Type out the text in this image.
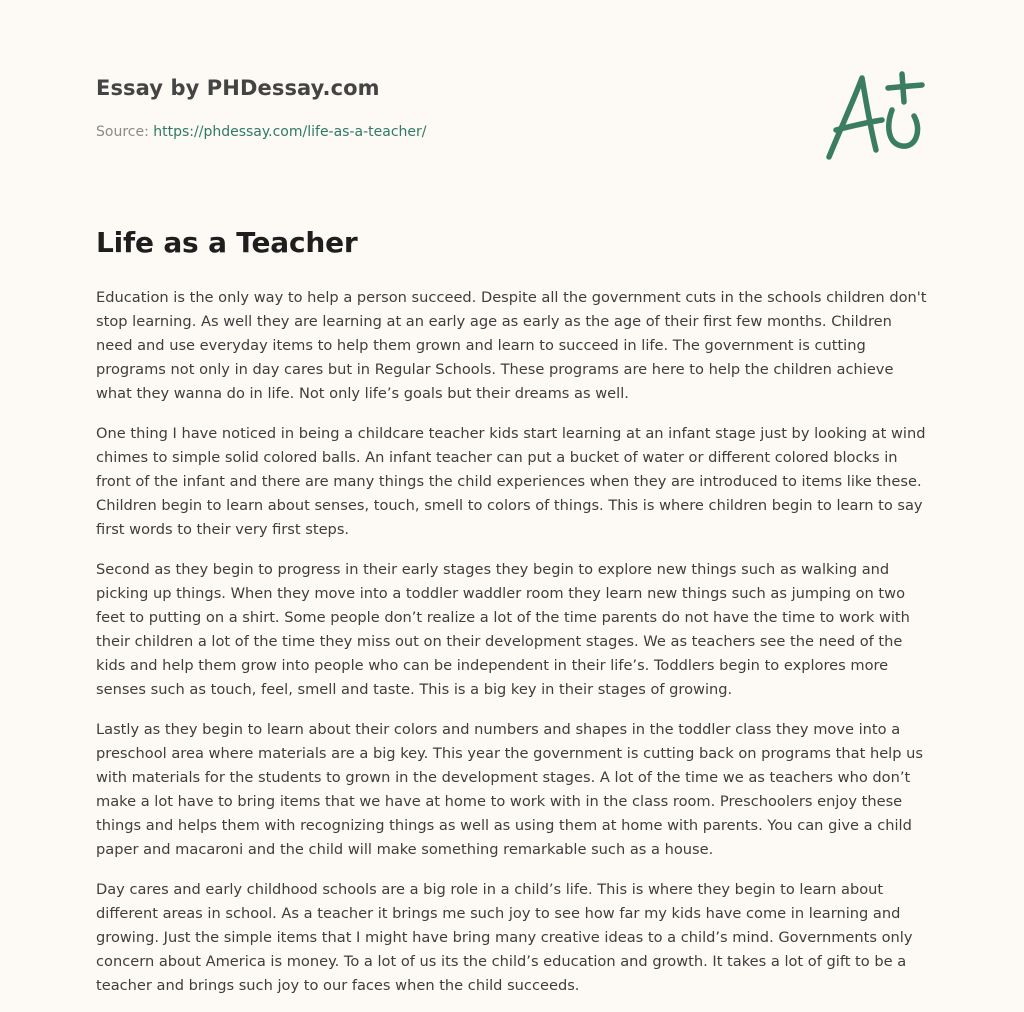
Essay by PHDessay.com
Source: https://phdessay.com/life-as-a-teacher/
Life as a Teacher

Education is the only way to help a person succeed. Despite all the government cuts in the schools children don't stop learning. As well they are learning at an early age as early as the age of their first few months. Children need and use everyday items to help them grown and learn to succeed in life. The government is cutting programs not only in day cares but in Regular Schools. These programs are here to help the children achieve what they wanna do in life. Not only life’s goals but their dreams as well.

One thing I have noticed in being a childcare teacher kids start learning at an infant stage just by looking at wind chimes to simple solid colored balls. An infant teacher can put a bucket of water or different colored blocks in front of the infant and there are many things the child experiences when they are introduced to items like these. Children begin to learn about senses, touch, smell to colors of things. This is where children begin to learn to say first words to their very first steps.

Second as they begin to progress in their early stages they begin to explore new things such as walking and picking up things. When they move into a toddler waddler room they learn new things such as jumping on two feet to putting on a shirt. Some people don’t realize a lot of the time parents do not have the time to work with their children a lot of the time they miss out on their development stages. We as teachers see the need of the kids and help them grow into people who can be independent in their life’s. Toddlers begin to explores more senses such as touch, feel, smell and taste. This is a big key in their stages of growing.

Lastly as they begin to learn about their colors and numbers and shapes in the toddler class they move into a preschool area where materials are a big key. This year the government is cutting back on programs that help us with materials for the students to grown in the development stages. A lot of the time we as teachers who don’t make a lot have to bring items that we have at home to work with in the class room. Preschoolers enjoy these things and helps them with recognizing things as well as using them at home with parents. You can give a child paper and macaroni and the child will make something remarkable such as a house.

Day cares and early childhood schools are a big role in a child’s life. This is where they begin to learn about different areas in school. As a teacher it brings me such joy to see how far my kids have come in learning and growing. Just the simple items that I might have bring many creative ideas to a child’s mind. Governments only concern about America is money. To a lot of us its the child’s education and growth. It takes a lot of gift to be a teacher and brings such joy to our faces when the child succeeds.
